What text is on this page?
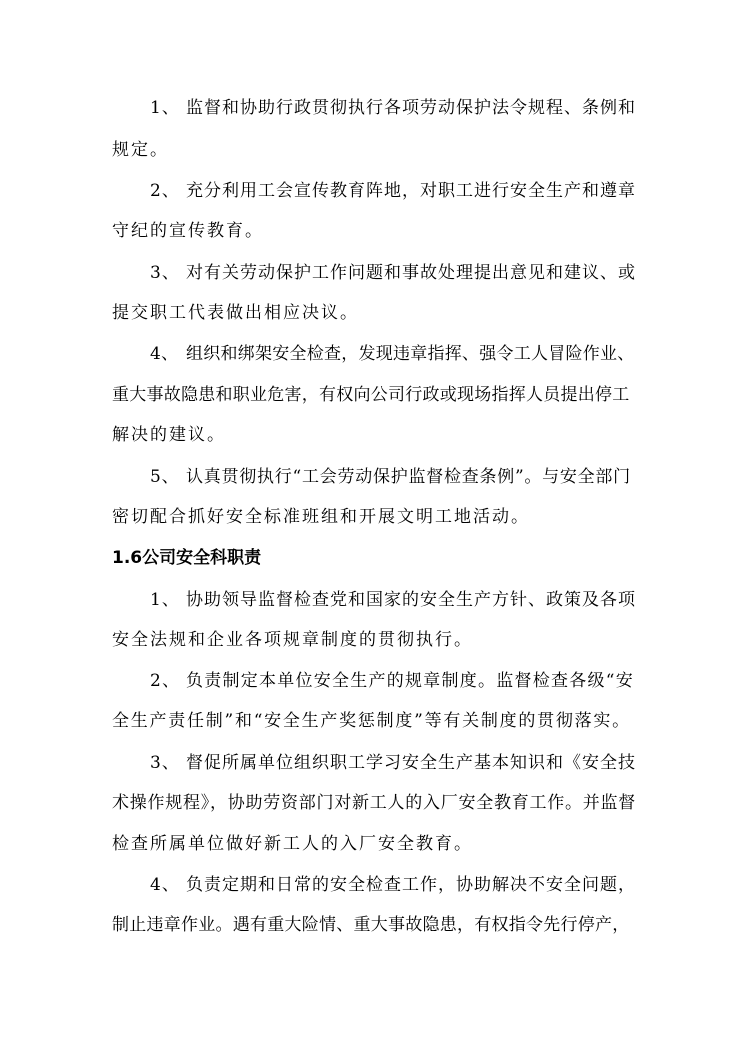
1、 监督和协助行政贯彻执行各项劳动保护法令规程、条例和
规定。
2、 充分利用工会宣传教育阵地，对职工进行安全生产和遵章
守纪的宣传教育。
3、 对有关劳动保护工作问题和事故处理提出意见和建议、或
提交职工代表做出相应决议。
4、 组织和绑架安全检查，发现违章指挥、强令工人冒险作业、
重大事故隐患和职业危害，有权向公司行政或现场指挥人员提出停工
解决的建议。
5、 认真贯彻执行“工会劳动保护监督检查条例”。与安全部门
密切配合抓好安全标准班组和开展文明工地活动。
1.6公司安全科职责
1、 协助领导监督检查党和国家的安全生产方针、政策及各项
安全法规和企业各项规章制度的贯彻执行。
2、 负责制定本单位安全生产的规章制度。监督检查各级“安
全生产责任制”和“安全生产奖惩制度”等有关制度的贯彻落实。
3、 督促所属单位组织职工学习安全生产基本知识和《安全技
术操作规程》，协助劳资部门对新工人的入厂安全教育工作。并监督
检查所属单位做好新工人的入厂安全教育。
4、 负责定期和日常的安全检查工作，协助解决不安全问题，
制止违章作业。遇有重大险情、重大事故隐患，有权指令先行停产，
